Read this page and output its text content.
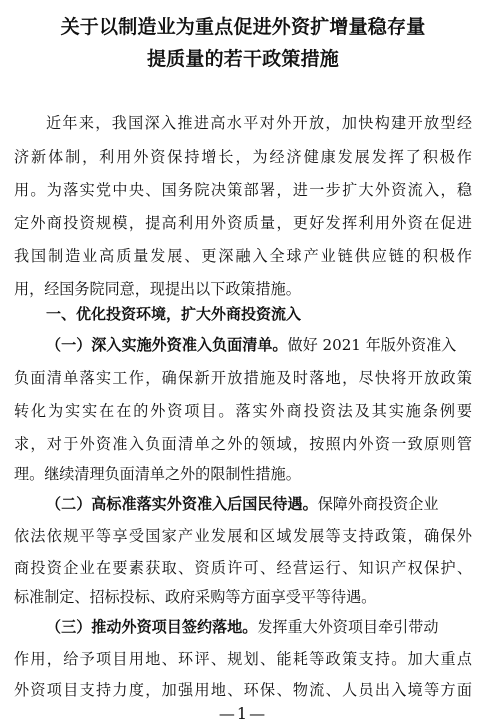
关于以制造业为重点促进外资扩增量稳存量
提质量的若干政策措施
近年来，我国深入推进高水平对外开放，加快构建开放型经
济新体制，利用外资保持增长，为经济健康发展发挥了积极作
用。为落实党中央、国务院决策部署，进一步扩大外资流入，稳
定外商投资规模，提高利用外资质量，更好发挥利用外资在促进
我国制造业高质量发展、更深融入全球产业链供应链的积极作
用，经国务院同意，现提出以下政策措施。
一、优化投资环境，扩大外商投资流入
（一）深入实施外资准入负面清单。做好 2021 年版外资准入
负面清单落实工作，确保新开放措施及时落地，尽快将开放政策
转化为实实在在的外资项目。落实外商投资法及其实施条例要
求，对于外资准入负面清单之外的领域，按照内外资一致原则管
理。继续清理负面清单之外的限制性措施。
（二）高标准落实外资准入后国民待遇。保障外商投资企业
依法依规平等享受国家产业发展和区域发展等支持政策，确保外
商投资企业在要素获取、资质许可、经营运行、知识产权保护、
标准制定、招标投标、政府采购等方面享受平等待遇。
（三）推动外资项目签约落地。发挥重大外资项目牵引带动
作用，给予项目用地、环评、规划、能耗等政策支持。加大重点
外资项目支持力度，加强用地、环保、物流、人员出入境等方面
—1—
